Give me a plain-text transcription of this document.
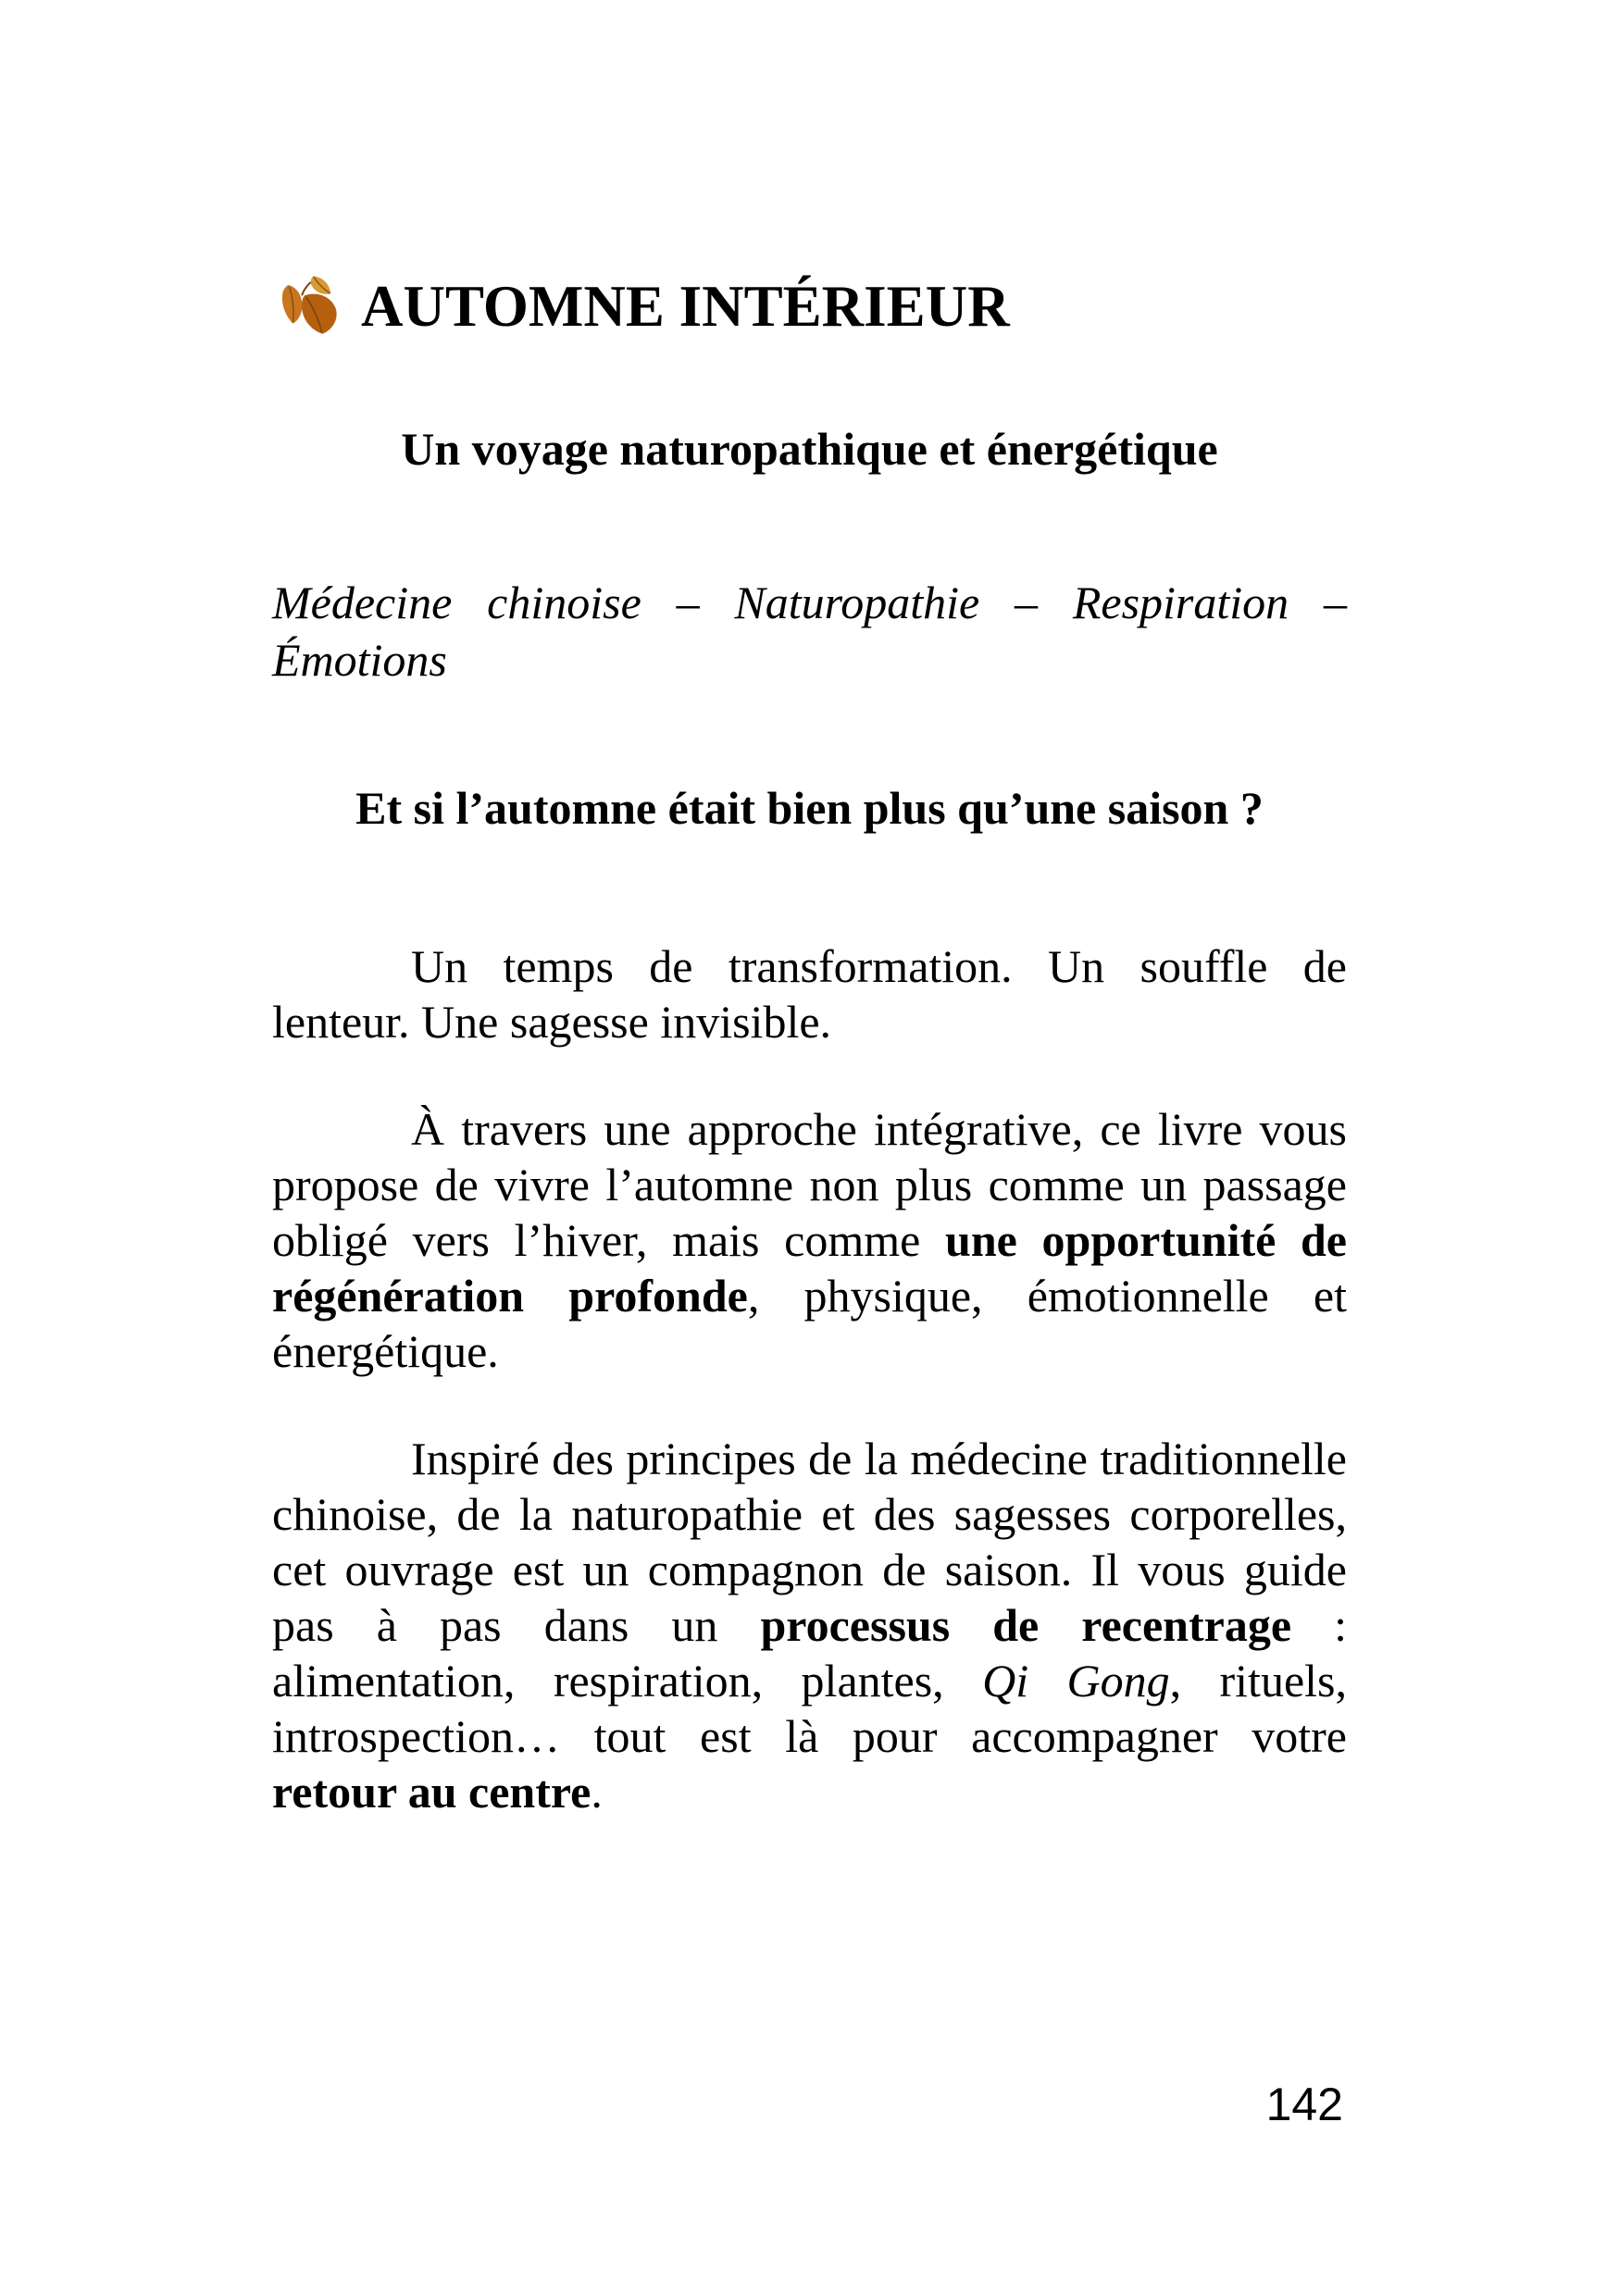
AUTOMNE INTÉRIEUR
Un voyage naturopathique et énergétique
Médecine chinoise – Naturopathie – Respiration –
Émotions
Et si l’automne était bien plus qu’une saison ?

Un temps de transformation. Un souffle de lenteur. Une sagesse invisible.

À travers une approche intégrative, ce livre vous propose de vivre l’automne non plus comme un passage obligé vers l’hiver, mais comme une opportunité de régénération profonde, physique, émotionnelle et énergétique.

Inspiré des principes de la médecine traditionnelle chinoise, de la naturopathie et des sagesses corporelles, cet ouvrage est un compagnon de saison. Il vous guide pas à pas dans un processus de recentrage : alimentation, respiration, plantes, Qi Gong, rituels, introspection… tout est là pour accompagner votre retour au centre.

142
